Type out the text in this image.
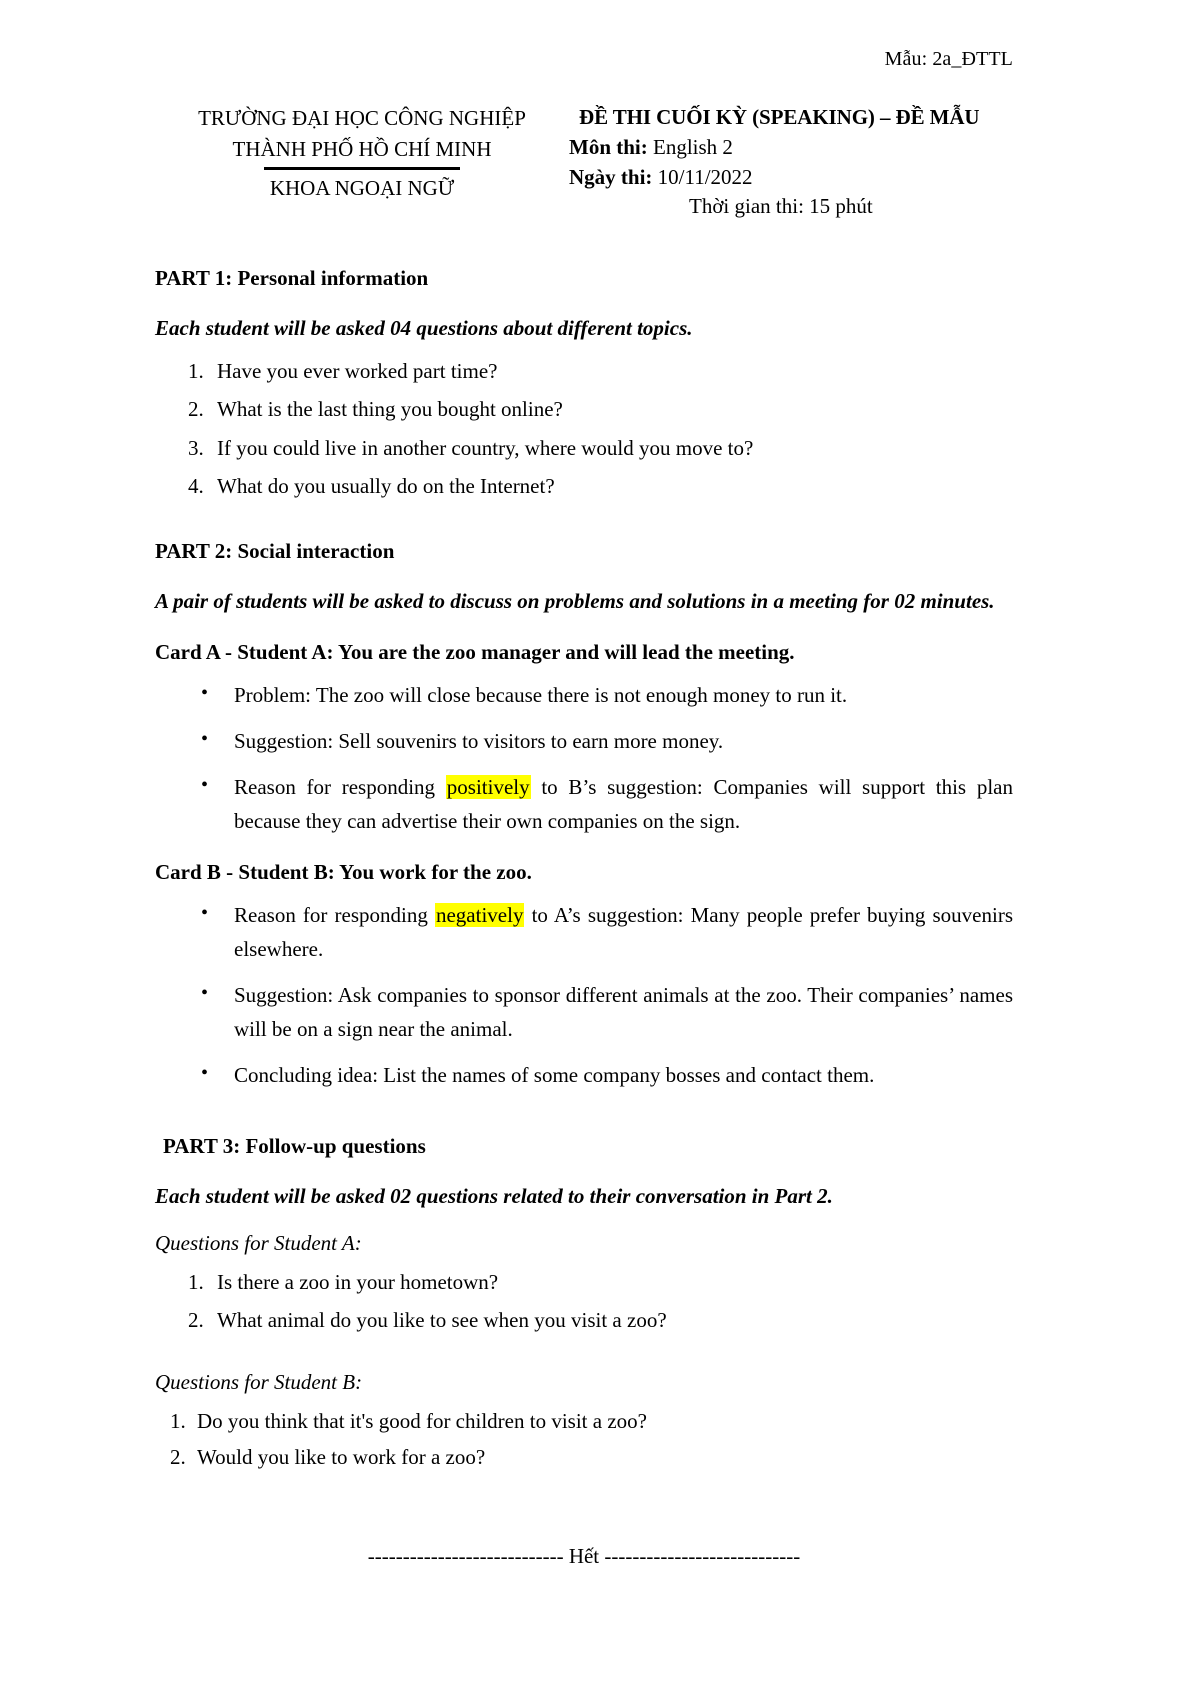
Mẫu: 2a_ĐTTL
TRƯỜNG ĐẠI HỌC CÔNG NGHIỆP
THÀNH PHỐ HỒ CHÍ MINH
KHOA NGOẠI NGỮ
ĐỀ THI CUỐI KỲ (SPEAKING) – ĐỀ MẪU
Môn thi: English 2
Ngày thi: 10/11/2022
Thời gian thi: 15 phút
PART 1: Personal information
Each student will be asked 04 questions about different topics.
1. Have you ever worked part time?
2. What is the last thing you bought online?
3. If you could live in another country, where would you move to?
4. What do you usually do on the Internet?
PART 2: Social interaction
A pair of students will be asked to discuss on problems and solutions in a meeting for 02 minutes.
Card A - Student A: You are the zoo manager and will lead the meeting.
• Problem: The zoo will close because there is not enough money to run it.
• Suggestion: Sell souvenirs to visitors to earn more money.
• Reason for responding positively to B’s suggestion: Companies will support this plan because they can advertise their own companies on the sign.
Card B - Student B: You work for the zoo.
• Reason for responding negatively to A’s suggestion: Many people prefer buying souvenirs elsewhere.
• Suggestion: Ask companies to sponsor different animals at the zoo. Their companies’ names will be on a sign near the animal.
• Concluding idea: List the names of some company bosses and contact them.
PART 3: Follow-up questions
Each student will be asked 02 questions related to their conversation in Part 2.
Questions for Student A:
1. Is there a zoo in your hometown?
2. What animal do you like to see when you visit a zoo?
Questions for Student B:
1. Do you think that it's good for children to visit a zoo?
2. Would you like to work for a zoo?
---------------------------- Hết ----------------------------
